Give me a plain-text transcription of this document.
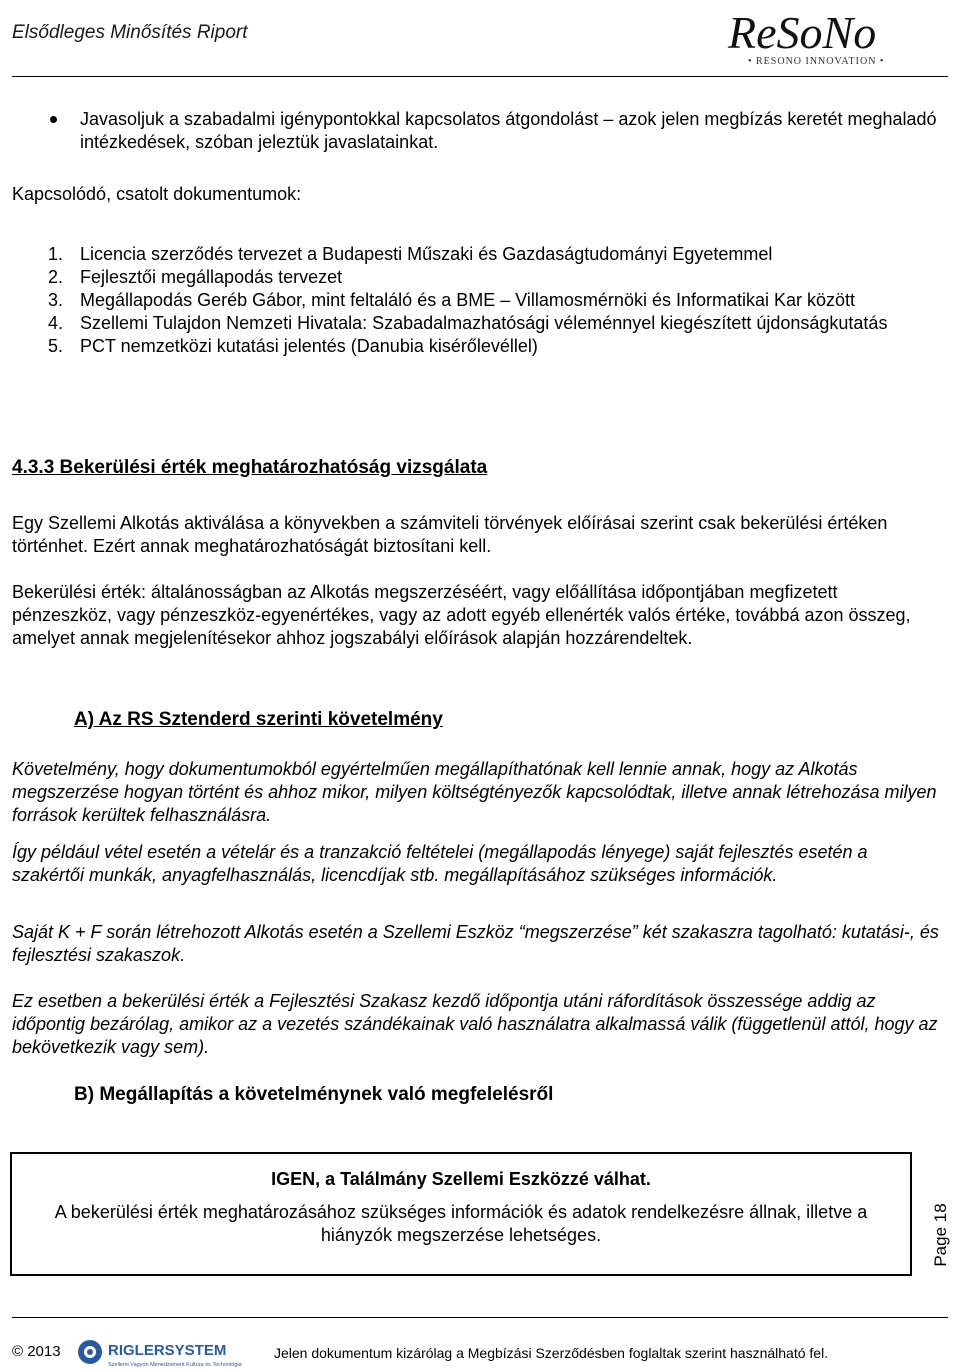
Elsődleges Minősítés Riport	ReSoNo
• RESONO INNOVATION •
Javasoljuk a szabadalmi igénypontokkal kapcsolatos átgondolást – azok jelen megbízás keretét meghaladó intézkedések, szóban jeleztük javaslatainkat.
Kapcsolódó, csatolt dokumentumok:
1. Licencia szerződés tervezet a Budapesti Műszaki és Gazdaságtudományi Egyetemmel
2. Fejlesztői megállapodás tervezet
3. Megállapodás Geréb Gábor, mint feltaláló és a BME – Villamosmérnöki és Informatikai Kar között
4. Szellemi Tulajdon Nemzeti Hivatala: Szabadalmazhatósági véleménnyel kiegészített újdonságkutatás
5. PCT nemzetközi kutatási jelentés (Danubia kisérőlevéllel)
4.3.3 Bekerülési érték meghatározhatóság vizsgálata
Egy Szellemi Alkotás aktiválása a könyvekben a számviteli törvények előírásai szerint csak bekerülési értéken történhet. Ezért annak meghatározhatóságát biztosítani kell.
Bekerülési érték: általánosságban az Alkotás megszerzéséért, vagy előállítása időpontjában megfizetett pénzeszköz, vagy pénzeszköz-egyenértékes, vagy az adott egyéb ellenérték valós értéke, továbbá azon összeg, amelyet annak megjelenítésekor ahhoz jogszabályi előírások alapján hozzárendeltek.
A) Az RS Sztenderd szerinti követelmény
Követelmény, hogy dokumentumokból egyértelműen megállapíthatónak kell lennie annak, hogy az Alkotás megszerzése hogyan történt és ahhoz mikor, milyen költségtényezők kapcsolódtak, illetve annak létrehozása milyen források kerültek felhasználásra.
Így például vétel esetén a vételár és a tranzakció feltételei (megállapodás lényege) saját fejlesztés esetén a szakértői munkák, anyagfelhasználás, licencdíjak stb. megállapításához szükséges információk.
Saját K + F során létrehozott Alkotás esetén a Szellemi Eszköz “megszerzése” két szakaszra tagolható: kutatási-, és fejlesztési szakaszok.
Ez esetben a bekerülési érték a Fejlesztési Szakasz kezdő időpontja utáni ráfordítások összessége addig az időpontig bezárólag, amikor az a vezetés szándékainak való használatra alkalmassá válik (függetlenül attól, hogy az bekövetkezik vagy sem).
B) Megállapítás a követelménynek való megfelelésről
IGEN, a Találmány Szellemi Eszközzé válhat.
A bekerülési érték meghatározásához szükséges információk és adatok rendelkezésre állnak, illetve a hiányzók megszerzése lehetséges.	Page 18
© 2013	RIGLERSYSTEM
Szellemi Vagyon Menedzsment Kultúra és Technológia
Jelen dokumentum kizárólag a Megbízási Szerződésben foglaltak szerint használható fel.
